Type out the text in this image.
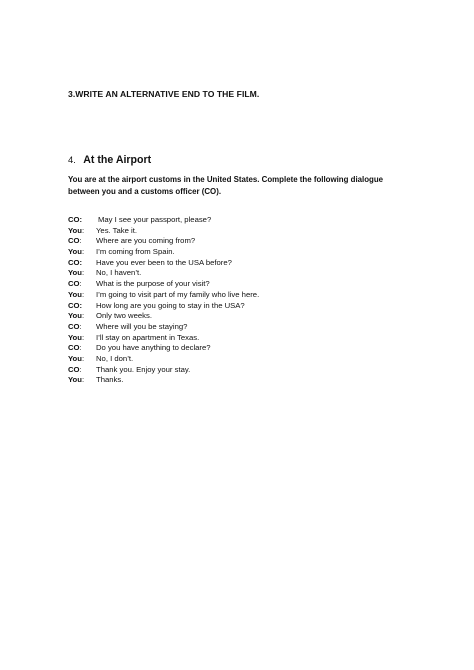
3.WRITE AN ALTERNATIVE END TO THE FILM.
4. At the Airport
You are at the airport customs in the United States. Complete the following dialogue between you and a customs officer (CO).
CO: May I see your passport, please?
You: Yes. Take it.
CO: Where are you coming from?
You: I’m coming from Spain.
CO: Have you ever been to the USA before?
You: No, I haven’t.
CO: What is the purpose of your visit?
You: I’m going to visit part of my family who live here.
CO: How long are you going to stay in the USA?
You: Only two weeks.
CO: Where will you be staying?
You: I’ll stay on apartment in Texas.
CO: Do you have anything to declare?
You: No, I don’t.
CO: Thank you. Enjoy your stay.
You: Thanks.
